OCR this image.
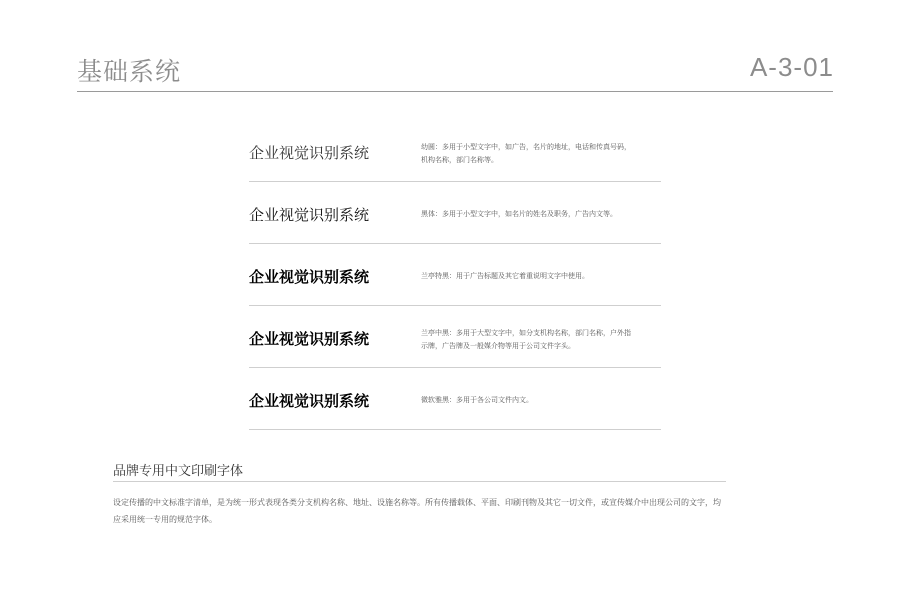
基础系统	A-3-01
企业视觉识别系统	幼圆：多用于小型文字中，如广告，名片的地址，电话和传真号码，机构名称，部门名称等。
企业视觉识别系统	黑体：多用于小型文字中，如名片的姓名及职务，广告内文等。
企业视觉识别系统	兰亭特黑：用于广告标题及其它着重说明文字中使用。
企业视觉识别系统	兰亭中黑：多用于大型文字中，如分支机构名称，部门名称，户外指示牌，广告牌及一般媒介物等用于公司文件字头。
企业视觉识别系统	微软雅黑：多用于各公司文件内文。
品牌专用中文印刷字体
设定传播的中文标准字清单，是为统一形式表现各类分支机构名称、地址、设施名称等。所有传播载体、平面、印刷刊物及其它一切文件，或宣传媒介中出现公司的文字，均应采用统一专用的规范字体。
